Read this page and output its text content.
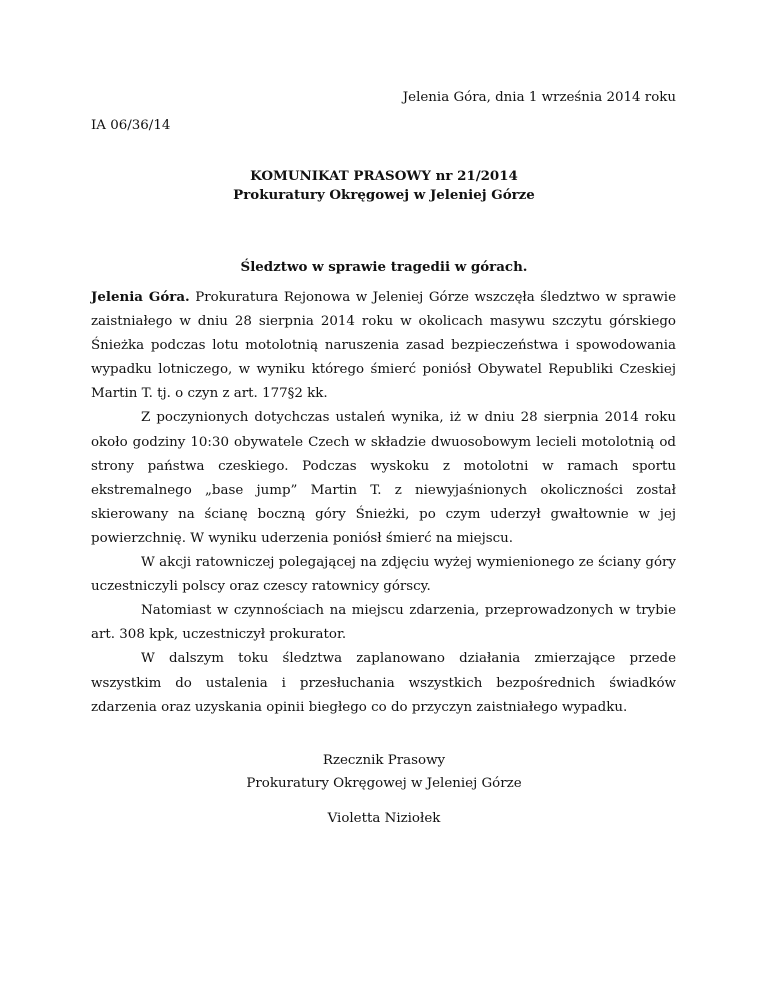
Jelenia Góra, dnia 1 września 2014 roku
IA 06/36/14
KOMUNIKAT PRASOWY nr 21/2014
Prokuratury Okręgowej w Jeleniej Górze
Śledztwo w sprawie tragedii w górach.

Jelenia Góra. Prokuratura Rejonowa w Jeleniej Górze wszczęła śledztwo w sprawie zaistniałego w dniu 28 sierpnia 2014 roku w okolicach masywu szczytu górskiego Śnieżka podczas lotu motolotnią naruszenia zasad bezpieczeństwa i spowodowania wypadku lotniczego, w wyniku którego śmierć poniósł Obywatel Republiki Czeskiej Martin T. tj. o czyn z art. 177§2 kk.

Z poczynionych dotychczas ustaleń wynika, iż w dniu 28 sierpnia 2014 roku około godziny 10:30 obywatele Czech w składzie dwuosobowym lecieli motolotnią od strony państwa czeskiego. Podczas wyskoku z motolotni w ramach sportu ekstremalnego „base jump” Martin T. z niewyjaśnionych okoliczności został skierowany na ścianę boczną góry Śnieżki, po czym uderzył gwałtownie w jej powierzchnię. W wyniku uderzenia poniósł śmierć na miejscu.

W akcji ratowniczej polegającej na zdjęciu wyżej wymienionego ze ściany góry uczestniczyli polscy oraz czescy ratownicy górscy.

Natomiast w czynnościach na miejscu zdarzenia, przeprowadzonych w trybie art. 308 kpk, uczestniczył prokurator.

W dalszym toku śledztwa zaplanowano działania zmierzające przede wszystkim do ustalenia i przesłuchania wszystkich bezpośrednich świadków zdarzenia oraz uzyskania opinii biegłego co do przyczyn zaistniałego wypadku.

Rzecznik Prasowy
Prokuratury Okręgowej w Jeleniej Górze
Violetta Niziołek
